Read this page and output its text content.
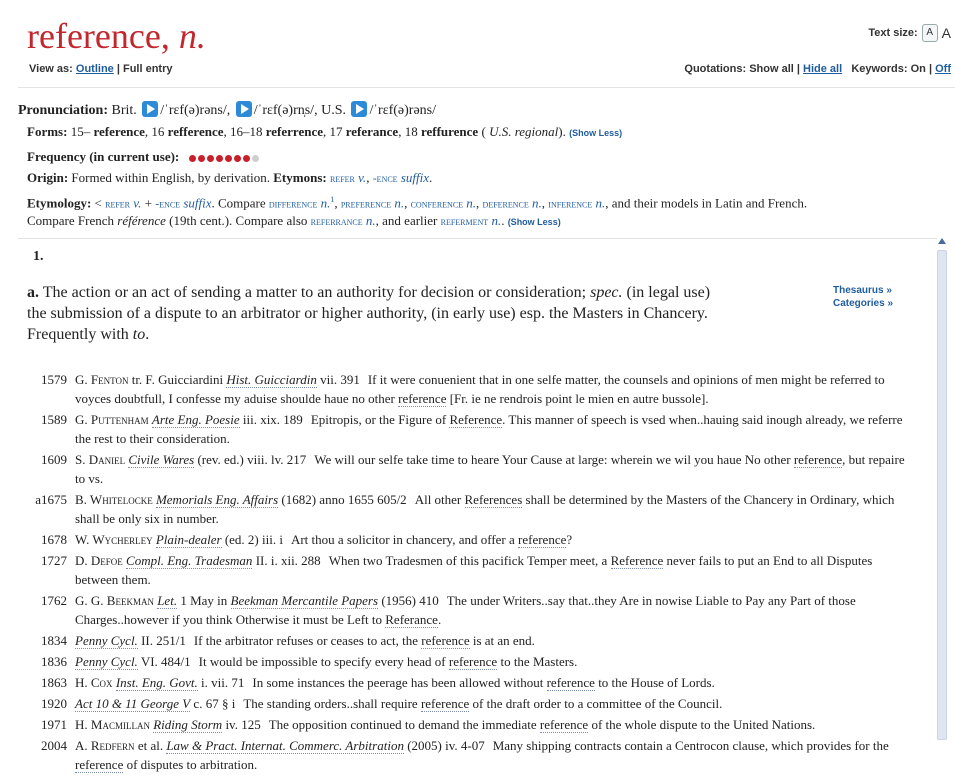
reference, n.	Text size: A A
View as: Outline | Full entry	Quotations: Show all | Hide all Keywords: On | Off
Pronunciation: Brit. /ˈrɛf(ə)rəns/, /ˈrɛf(ə)rn̩s/, U.S. /ˈrɛf(ə)rəns/
Forms: 15– reference, 16 refference, 16–18 referrence, 17 referance, 18 reffurence ( U.S. regional). (Show Less)
Frequency (in current use):
Origin: Formed within English, by derivation. Etymons: refer v., -ence suffix.
Etymology: < refer v. + -ence suffix. Compare difference n.$^1$, preference n., conference n., deference n., inference n., and their models in Latin and French.
Compare French référence (19th cent.). Compare also referrance n., and earlier referment n.. (Show Less)
1.
a. The action or an act of sending a matter to an authority for decision or consideration; spec. (in legal use) the submission of a dispute to an arbitrator or higher authority, (in early use) esp. the Masters in Chancery. Frequently with to.
Thesaurus »
Categories »
1579 G. Fenton tr. F. Guicciardini Hist. Guicciardin vii. 391 If it were conuenient that in one selfe matter, the counsels and opinions of men might be referred to voyces doubtfull, I confesse my aduise shoulde haue no other reference [Fr. ie ne rendrois point le mien en autre bussole].
1589 G. Puttenham Arte Eng. Poesie iii. xix. 189 Epitropis, or the Figure of Reference. This manner of speech is vsed when..hauing said inough already, we referre the rest to their consideration.
1609 S. Daniel Civile Wares (rev. ed.) viii. lv. 217 We will our selfe take time to heare Your Cause at large: wherein we wil you haue No other reference, but repaire to vs.
a1675 B. Whitelocke Memorials Eng. Affairs (1682) anno 1655 605/2 All other References shall be determined by the Masters of the Chancery in Ordinary, which shall be only six in number.
1678 W. Wycherley Plain-dealer (ed. 2) iii. i Art thou a solicitor in chancery, and offer a reference?
1727 D. Defoe Compl. Eng. Tradesman II. i. xii. 288 When two Tradesmen of this pacifick Temper meet, a Reference never fails to put an End to all Disputes between them.
1762 G. G. Beekman Let. 1 May in Beekman Mercantile Papers (1956) 410 The under Writers..say that..they Are in nowise Liable to Pay any Part of those Charges..however if you think Otherwise it must be Left to Referance.
1834 Penny Cycl. II. 251/1 If the arbitrator refuses or ceases to act, the reference is at an end.
1836 Penny Cycl. VI. 484/1 It would be impossible to specify every head of reference to the Masters.
1863 H. Cox Inst. Eng. Govt. i. vii. 71 In some instances the peerage has been allowed without reference to the House of Lords.
1920 Act 10 & 11 George V c. 67 § i The standing orders..shall require reference of the draft order to a committee of the Council.
1971 H. Macmillan Riding Storm iv. 125 The opposition continued to demand the immediate reference of the whole dispute to the United Nations.
2004 A. Redfern et al. Law & Pract. Internat. Commerc. Arbitration (2005) iv. 4-07 Many shipping contracts contain a Centrocon clause, which provides for the reference of disputes to arbitration.
